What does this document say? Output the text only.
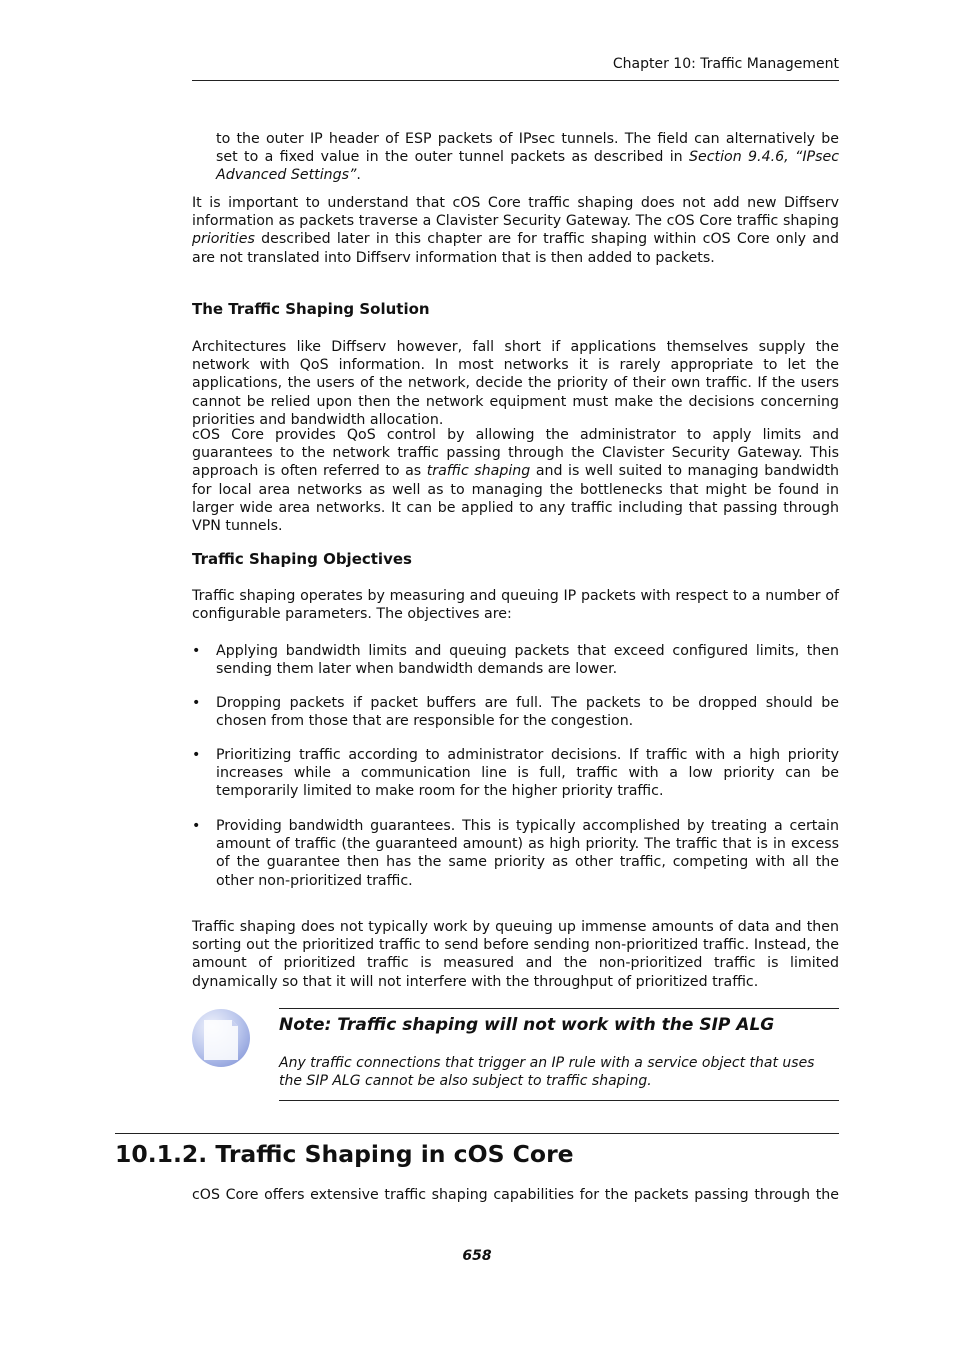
Chapter 10: Traffic Management

to the outer IP header of ESP packets of IPsec tunnels. The field can alternatively be set to a fixed value in the outer tunnel packets as described in Section 9.4.6, “IPsec Advanced Settings”.

It is important to understand that cOS Core traffic shaping does not add new Diffserv information as packets traverse a Clavister Security Gateway. The cOS Core traffic shaping priorities described later in this chapter are for traffic shaping within cOS Core only and are not translated into Diffserv information that is then added to packets.

The Traffic Shaping Solution

Architectures like Diffserv however, fall short if applications themselves supply the network with QoS information. In most networks it is rarely appropriate to let the applications, the users of the network, decide the priority of their own traffic. If the users cannot be relied upon then the network equipment must make the decisions concerning priorities and bandwidth allocation.

cOS Core provides QoS control by allowing the administrator to apply limits and guarantees to the network traffic passing through the Clavister Security Gateway. This approach is often referred to as traffic shaping and is well suited to managing bandwidth for local area networks as well as to managing the bottlenecks that might be found in larger wide area networks. It can be applied to any traffic including that passing through VPN tunnels.

Traffic Shaping Objectives

Traffic shaping operates by measuring and queuing IP packets with respect to a number of configurable parameters. The objectives are:

• Applying bandwidth limits and queuing packets that exceed configured limits, then sending them later when bandwidth demands are lower.
• Dropping packets if packet buffers are full. The packets to be dropped should be chosen from those that are responsible for the congestion.
• Prioritizing traffic according to administrator decisions. If traffic with a high priority increases while a communication line is full, traffic with a low priority can be temporarily limited to make room for the higher priority traffic.
• Providing bandwidth guarantees. This is typically accomplished by treating a certain amount of traffic (the guaranteed amount) as high priority. The traffic that is in excess of the guarantee then has the same priority as other traffic, competing with all the other non-prioritized traffic.

Traffic shaping does not typically work by queuing up immense amounts of data and then sorting out the prioritized traffic to send before sending non-prioritized traffic. Instead, the amount of prioritized traffic is measured and the non-prioritized traffic is limited dynamically so that it will not interfere with the throughput of prioritized traffic.

Note: Traffic shaping will not work with the SIP ALG

Any traffic connections that trigger an IP rule with a service object that uses the SIP ALG cannot be also subject to traffic shaping.

10.1.2. Traffic Shaping in cOS Core

cOS Core offers extensive traffic shaping capabilities for the packets passing through the

658
